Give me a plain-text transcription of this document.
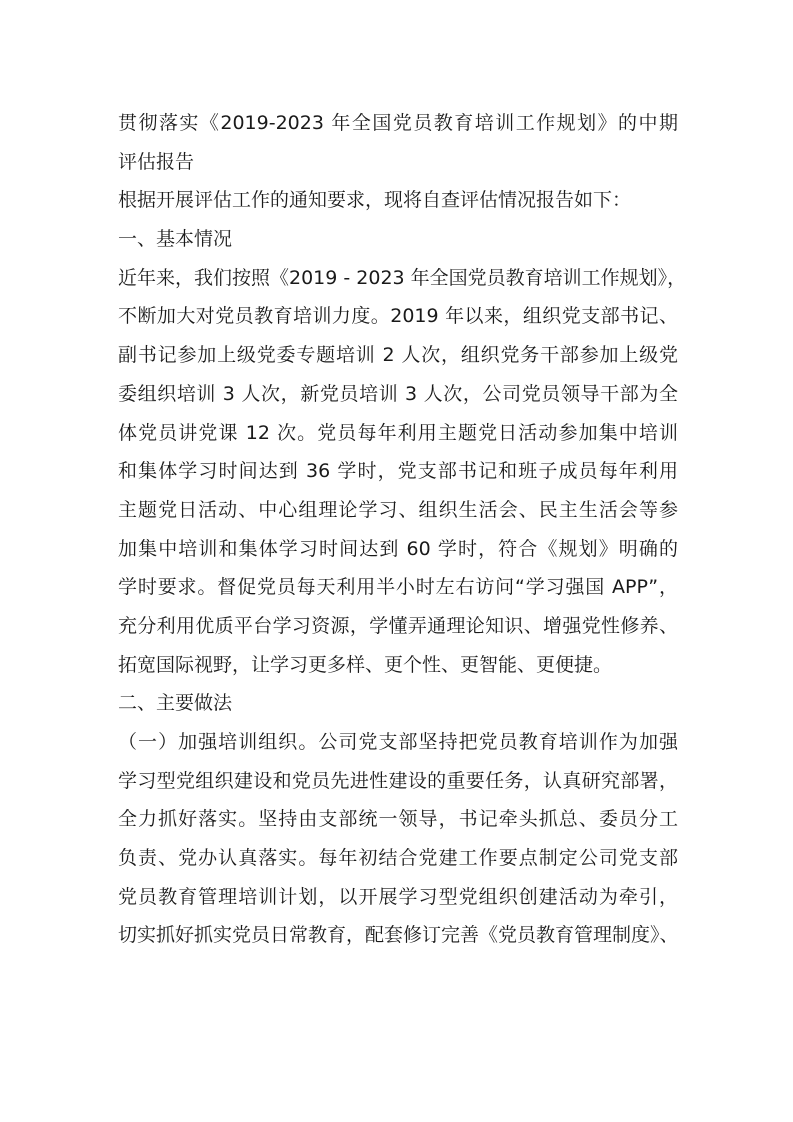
贯彻落实《2019-2023 年全国党员教育培训工作规划》的中期
评估报告
根据开展评估工作的通知要求，现将自查评估情况报告如下：
一、基本情况
近年来，我们按照《2019 - 2023 年全国党员教育培训工作规划》，
不断加大对党员教育培训力度。2019 年以来，组织党支部书记、
副书记参加上级党委专题培训 2 人次，组织党务干部参加上级党
委组织培训 3 人次，新党员培训 3 人次，公司党员领导干部为全
体党员讲党课 12 次。党员每年利用主题党日活动参加集中培训
和集体学习时间达到 36 学时，党支部书记和班子成员每年利用
主题党日活动、中心组理论学习、组织生活会、民主生活会等参
加集中培训和集体学习时间达到 60 学时，符合《规划》明确的
学时要求。督促党员每天利用半小时左右访问“学习强国 APP”，
充分利用优质平台学习资源，学懂弄通理论知识、增强党性修养、
拓宽国际视野，让学习更多样、更个性、更智能、更便捷。
二、主要做法
（一）加强培训组织。公司党支部坚持把党员教育培训作为加强
学习型党组织建设和党员先进性建设的重要任务，认真研究部署，
全力抓好落实。坚持由支部统一领导，书记牵头抓总、委员分工
负责、党办认真落实。每年初结合党建工作要点制定公司党支部
党员教育管理培训计划，以开展学习型党组织创建活动为牵引，
切实抓好抓实党员日常教育，配套修订完善《党员教育管理制度》、
